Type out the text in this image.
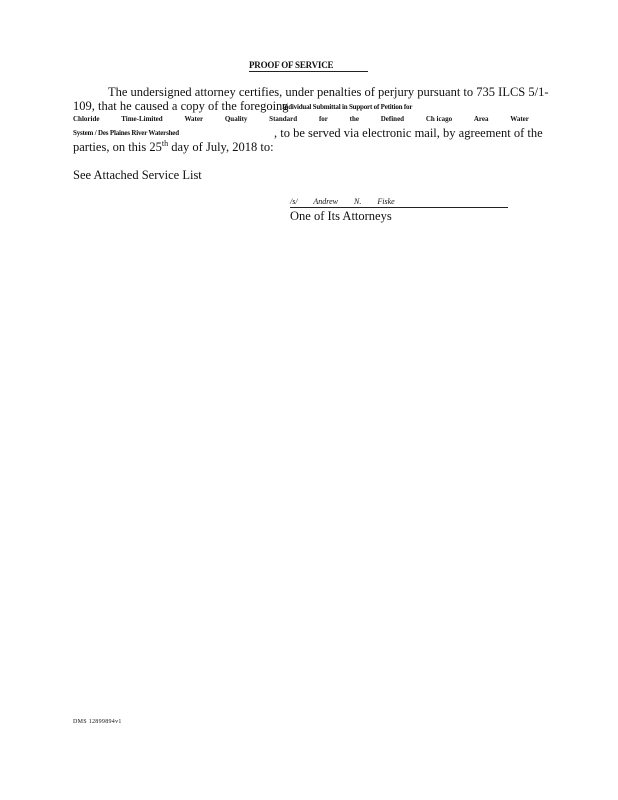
PROOF OF SERVICE
The undersigned attorney certifies, under penalties of perjury pursuant to 735 ILCS 5/1-
109, that he caused a copy of the foregoing
Individual Submittal in Support of Petition for
Chloride	Time-Limited	Water	Quality	Standard	for	the	Defined	Ch icago	Area	Water
System / Des Plaines River Watershed	, to be served via electronic mail, by agreement of the
parties, on this 25th day of July, 2018 to:
See Attached Service List
/s/ Andrew N. Fiske
One of Its Attorneys
DMS 12899894v1
